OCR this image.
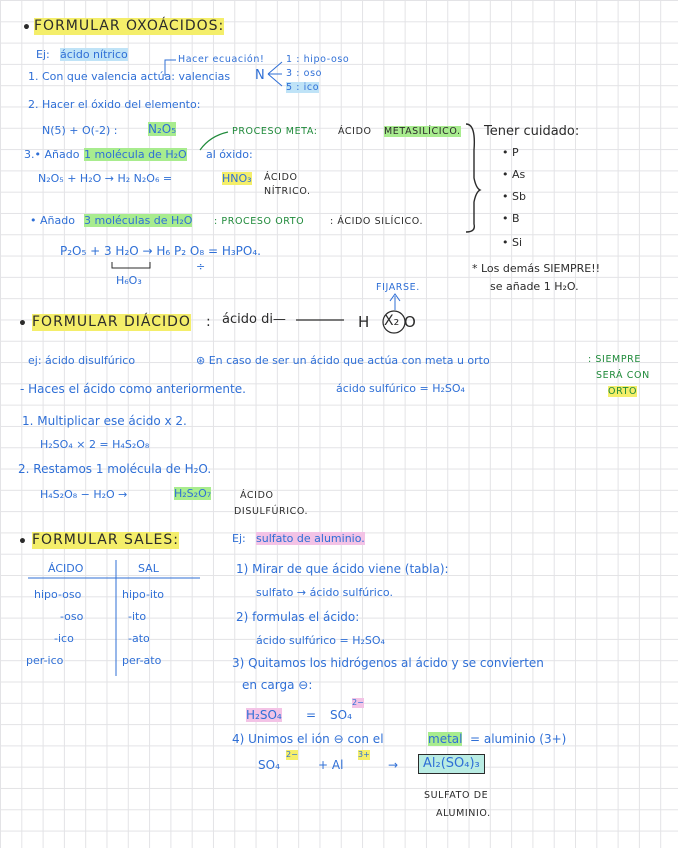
• FORMULAR OXOÁCIDOS:
Ej: ácido nítrico	Hacer ecuación! 1 : hipo-oso
3 : oso
5 : ico
1. Con que valencia actúa: valencias N
2. Hacer el óxido del elemento:
N(5) + O(-2) :	N₂O₅	PROCESO META: ÁCIDO METASILÍCICO.
3.• Añado 1 molécula de H₂O al óxido:
N₂O₅ + H₂O → H₂ N₂O₆ =	HNO₃ ÁCIDO
NÍTRICO.
• Añado 3 moléculas de H₂O : PROCESO ORTO	: ÁCIDO SILÍCICO.
P₂O₅ + 3 H₂O → H₆ P₂ O₈ = H₃PO₄.
H₆O₃
÷
Tener cuidado:
• P
• As
• Sb
• B
• Si
* Los demás SIEMPRE!!
se añade 1 H₂O.
• FORMULAR DIÁCIDO : ácido di—	H X₂ O
FIJARSE.
ej: ácido disulfúrico	⊛ En caso de ser un ácido que actúa con meta u orto	: SIEMPRE
SERÁ CON
ORTO
- Haces el ácido como anteriormente.	ácido sulfúrico = H₂SO₄
1. Multiplicar ese ácido x 2.
H₂SO₄ × 2 = H₄S₂O₈
2. Restamos 1 molécula de H₂O.
H₄S₂O₈ − H₂O →	H₂S₂O₇	ÁCIDO
DISULFÚRICO.
• FORMULAR SALES:	Ej: sulfato de aluminio.
ÁCIDO	SAL
hipo-oso	hipo-ito
-oso	-ito
-ico	-ato
per-ico	per-ato
1) Mirar de que ácido viene (tabla):
sulfato → ácido sulfúrico.
2) formulas el ácido:
ácido sulfúrico = H₂SO₄
3) Quitamos los hidrógenos al ácido y se convierten
en carga ⊖:
H₂SO₄ = SO₄
2−
4) Unimos el ión ⊖ con el	metal = aluminio (3+)
SO₄
2−
+ Al
3+
→	Al₂(SO₄)₃
SULFATO DE
ALUMINIO.
